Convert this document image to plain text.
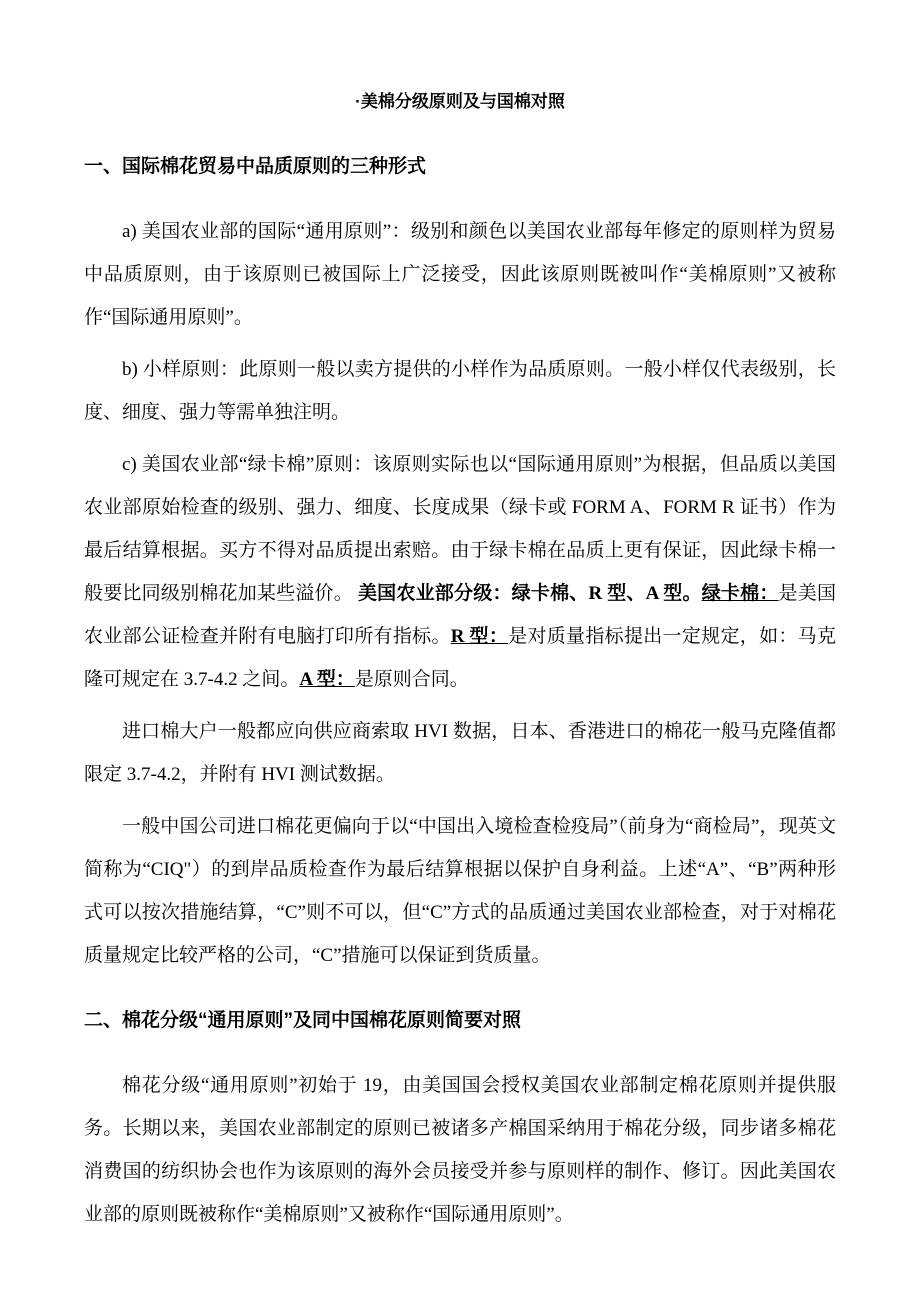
·美棉分级原则及与国棉对照

一、国际棉花贸易中品质原则的三种形式

a) 美国农业部的国际“通用原则”：级别和颜色以美国农业部每年修定的原则样为贸易中品质原则，由于该原则已被国际上广泛接受，因此该原则既被叫作“美棉原则”又被称作“国际通用原则”。

b) 小样原则：此原则一般以卖方提供的小样作为品质原则。一般小样仅代表级别，长度、细度、强力等需单独注明。

c) 美国农业部“绿卡棉”原则：该原则实际也以“国际通用原则”为根据，但品质以美国农业部原始检查的级别、强力、细度、长度成果（绿卡或 FORM A、FORM R 证书）作为最后结算根据。买方不得对品质提出索赔。由于绿卡棉在品质上更有保证，因此绿卡棉一般要比同级别棉花加某些溢价。 美国农业部分级：绿卡棉、R 型、A 型。绿卡棉：是美国农业部公证检查并附有电脑打印所有指标。R 型：是对质量指标提出一定规定，如：马克隆可规定在 3.7-4.2 之间。A 型：是原则合同。

进口棉大户一般都应向供应商索取 HVI 数据，日本、香港进口的棉花一般马克隆值都限定 3.7-4.2，并附有 HVI 测试数据。

一般中国公司进口棉花更偏向于以“中国出入境检查检疫局”（前身为“商检局”，现英文简称为“CIQ"）的到岸品质检查作为最后结算根据以保护自身利益。上述“A”、“B”两种形式可以按次措施结算，“C”则不可以，但“C”方式的品质通过美国农业部检查，对于对棉花质量规定比较严格的公司，“C”措施可以保证到货质量。

二、棉花分级“通用原则”及同中国棉花原则简要对照

棉花分级“通用原则”初始于 19，由美国国会授权美国农业部制定棉花原则并提供服务。长期以来，美国农业部制定的原则已被诸多产棉国采纳用于棉花分级，同步诸多棉花消费国的纺织协会也作为该原则的海外会员接受并参与原则样的制作、修订。因此美国农业部的原则既被称作“美棉原则”又被称作“国际通用原则”。
